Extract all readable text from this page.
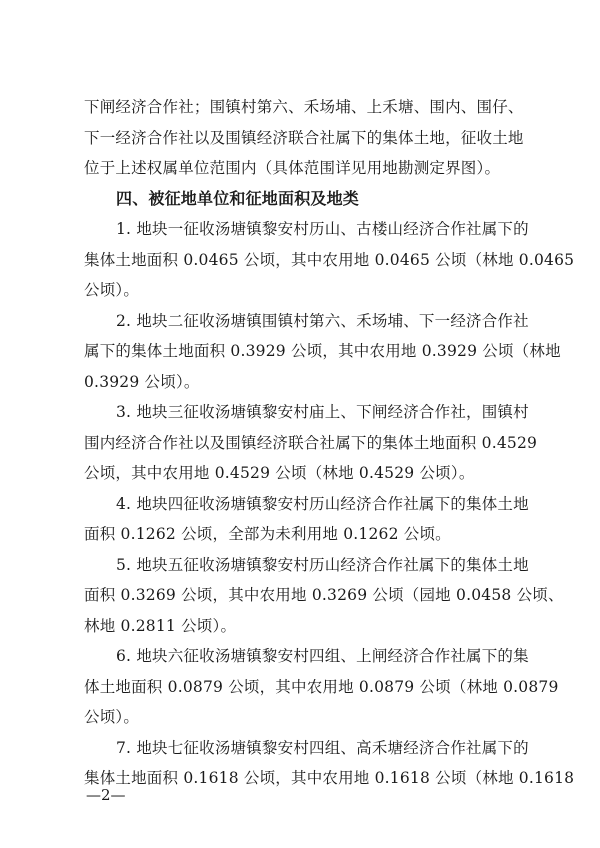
下闸经济合作社；围镇村第六、禾场埔、上禾塘、围内、围仔、
下一经济合作社以及围镇经济联合社属下的集体土地，征收土地
位于上述权属单位范围内（具体范围详见用地勘测定界图）。
四、被征地单位和征地面积及地类
1. 地块一征收汤塘镇黎安村历山、古楼山经济合作社属下的
集体土地面积 0.0465 公顷，其中农用地 0.0465 公顷（林地 0.0465
公顷）。
2. 地块二征收汤塘镇围镇村第六、禾场埔、下一经济合作社
属下的集体土地面积 0.3929 公顷，其中农用地 0.3929 公顷（林地
0.3929 公顷）。
3. 地块三征收汤塘镇黎安村庙上、下闸经济合作社，围镇村
围内经济合作社以及围镇经济联合社属下的集体土地面积 0.4529
公顷，其中农用地 0.4529 公顷（林地 0.4529 公顷）。
4. 地块四征收汤塘镇黎安村历山经济合作社属下的集体土地
面积 0.1262 公顷，全部为未利用地 0.1262 公顷。
5. 地块五征收汤塘镇黎安村历山经济合作社属下的集体土地
面积 0.3269 公顷，其中农用地 0.3269 公顷（园地 0.0458 公顷、
林地 0.2811 公顷）。
6. 地块六征收汤塘镇黎安村四组、上闸经济合作社属下的集
体土地面积 0.0879 公顷，其中农用地 0.0879 公顷（林地 0.0879
公顷）。
7. 地块七征收汤塘镇黎安村四组、高禾塘经济合作社属下的
集体土地面积 0.1618 公顷，其中农用地 0.1618 公顷（林地 0.1618
—2—
